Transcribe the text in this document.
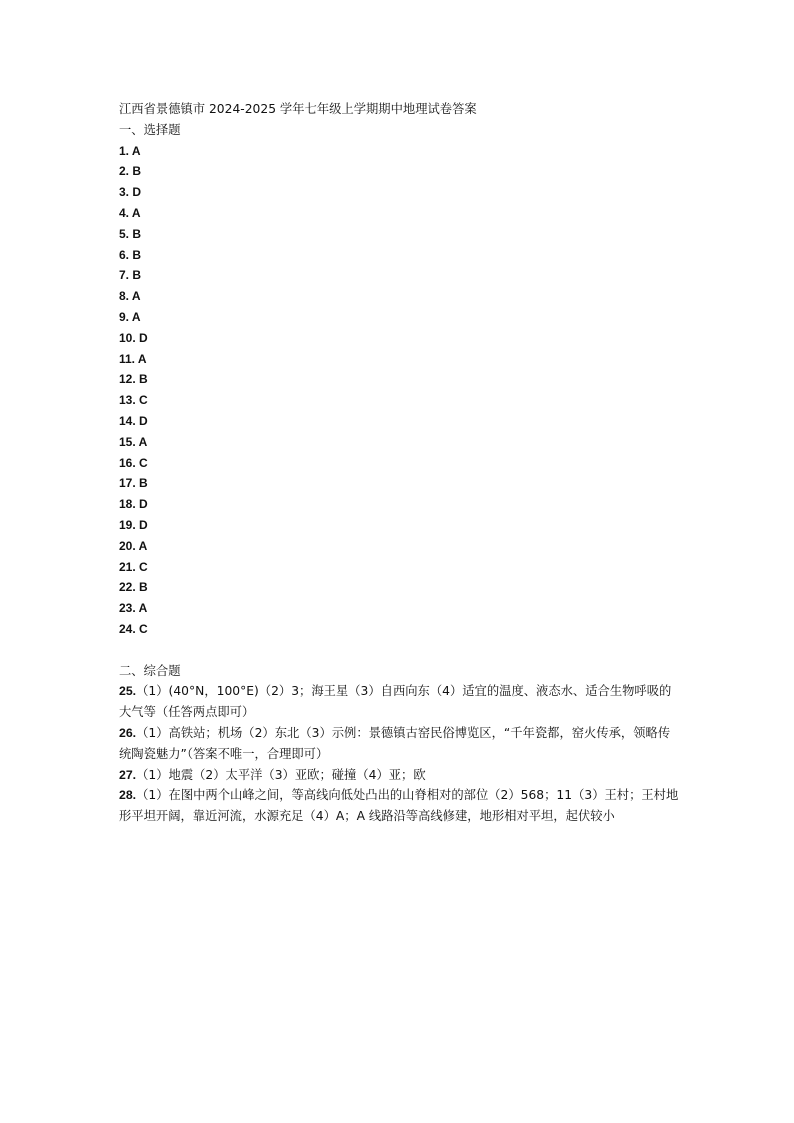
江西省景德镇市 2024-2025 学年七年级上学期期中地理试卷答案
一、选择题
1. A
2. B
3. D
4. A
5. B
6. B
7. B
8. A
9. A
10. D
11. A
12. B
13. C
14. D
15. A
16. C
17. B
18. D
19. D
20. A
21. C
22. B
23. A
24. C
二、综合题
25.（1）(40°N，100°E)（2）3；海王星（3）自西向东（4）适宜的温度、液态水、适合生物呼吸的大气等（任答两点即可）
26.（1）高铁站；机场（2）东北（3）示例：景德镇古窑民俗博览区，“千年瓷都，窑火传承，领略传统陶瓷魅力”（答案不唯一，合理即可）
27.（1）地震（2）太平洋（3）亚欧；碰撞（4）亚；欧
28.（1）在图中两个山峰之间，等高线向低处凸出的山脊相对的部位（2）568；11（3）王村；王村地形平坦开阔，靠近河流，水源充足（4）A；A 线路沿等高线修建，地形相对平坦，起伏较小
